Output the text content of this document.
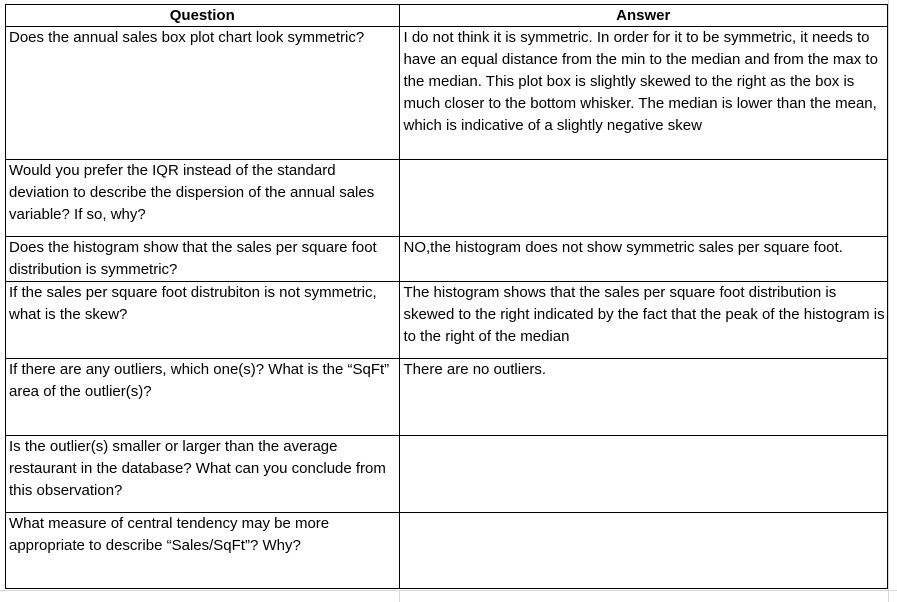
Question	Answer
Does the annual sales box plot chart look symmetric?	I do not think it is symmetric. In order for it to be symmetric, it needs to have an equal distance from the min to the median and from the max to the median. This plot box is slightly skewed to the right as the box is much closer to the bottom whisker. The median is lower than the mean, which is indicative of a slightly negative skew
Would you prefer the IQR instead of the standard deviation to describe the dispersion of the annual sales variable? If so, why?	
Does the histogram show that the sales per square foot distribution is symmetric?	NO,the histogram does not show symmetric sales per square foot.
If the sales per square foot distrubiton is not symmetric, what is the skew?	The histogram shows that the sales per square foot distribution is skewed to the right indicated by the fact that the peak of the histogram is to the right of the median
If there are any outliers, which one(s)? What is the “SqFt” area of the outlier(s)?	There are no outliers.
Is the outlier(s) smaller or larger than the average restaurant in the database? What can you conclude from this observation?	
What measure of central tendency may be more appropriate to describe “Sales/SqFt”? Why?	
